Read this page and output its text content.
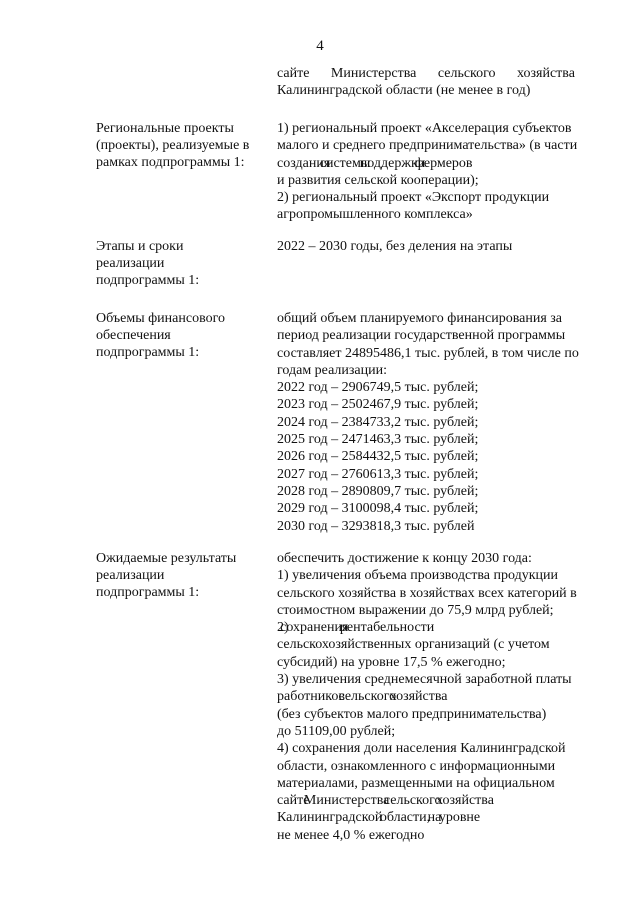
4
сайте Министерства сельского хозяйства
Калининградской области (не менее в год)
Региональные проекты
(проекты), реализуемые в
рамках подпрограммы 1:
1) региональный проект «Акселерация субъектов
малого и среднего предпринимательства» (в части
создания системы поддержки фермеров
и развития сельской кооперации);
2) региональный проект «Экспорт продукции
агропромышленного комплекса»
Этапы и сроки
реализации
подпрограммы 1:
2022 – 2030 годы, без деления на этапы
Объемы финансового
обеспечения
подпрограммы 1:
общий объем планируемого финансирования за
период реализации государственной программы
составляет 24895486,1 тыс. рублей, в том числе по
годам реализации:
2022 год – 2906749,5 тыс. рублей;
2023 год – 2502467,9 тыс. рублей;
2024 год – 2384733,2 тыс. рублей;
2025 год – 2471463,3 тыс. рублей;
2026 год – 2584432,5 тыс. рублей;
2027 год – 2760613,3 тыс. рублей;
2028 год – 2890809,7 тыс. рублей;
2029 год – 3100098,4 тыс. рублей;
2030 год – 3293818,3 тыс. рублей
Ожидаемые результаты
реализации
подпрограммы 1:
обеспечить достижение к концу 2030 года:
1) увеличения объема производства продукции
сельского хозяйства в хозяйствах всех категорий в
стоимостном выражении до 75,9 млрд рублей;
2) сохранения рентабельности
сельскохозяйственных организаций (с учетом
субсидий) на уровне 17,5 % ежегодно;
3) увеличения среднемесячной заработной платы
работников сельского хозяйства
(без субъектов малого предпринимательства)
до 51109,00 рублей;
4) сохранения доли населения Калининградской
области, ознакомленного с информационными
материалами, размещенными на официальном
сайте Министерства сельского хозяйства
Калининградской области, на уровне
не менее 4,0 % ежегодно
